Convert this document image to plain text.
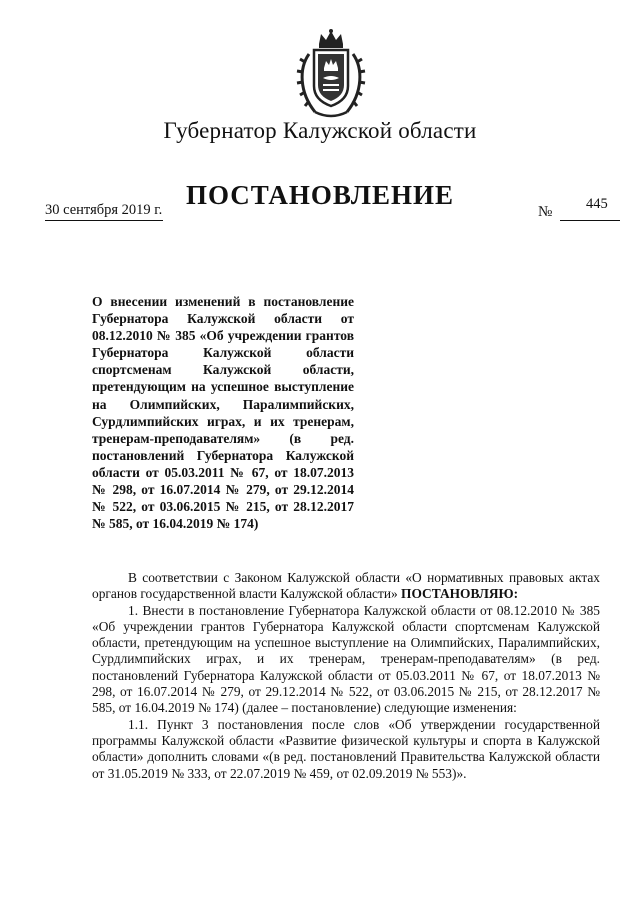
Губернатор Калужской области
ПОСТАНОВЛЕНИЕ
30 сентября 2019 г.	№ 445
О внесении изменений в постановление Губернатора Калужской области от 08.12.2010 № 385 «Об учреждении грантов Губернатора Калужской области спортсменам Калужской области, претендующим на успешное выступление на Олимпийских, Паралимпийских, Сурдлимпийских играх, и их тренерам, тренерам-преподавателям» (в ред. постановлений Губернатора Калужской области от 05.03.2011 № 67, от 18.07.2013 № 298, от 16.07.2014 № 279, от 29.12.2014 № 522, от 03.06.2015 № 215, от 28.12.2017 № 585, от 16.04.2019 № 174)

В соответствии с Законом Калужской области «О нормативных правовых актах органов государственной власти Калужской области» ПОСТАНОВЛЯЮ:

1. Внести в постановление Губернатора Калужской области от 08.12.2010 № 385 «Об учреждении грантов Губернатора Калужской области спортсменам Калужской области, претендующим на успешное выступление на Олимпийских, Паралимпийских, Сурдлимпийских играх, и их тренерам, тренерам-преподавателям» (в ред. постановлений Губернатора Калужской области от 05.03.2011 № 67, от 18.07.2013 № 298, от 16.07.2014 № 279, от 29.12.2014 № 522, от 03.06.2015 № 215, от 28.12.2017 № 585, от 16.04.2019 № 174) (далее – постановление) следующие изменения:

1.1. Пункт 3 постановления после слов «Об утверждении государственной программы Калужской области «Развитие физической культуры и спорта в Калужской области» дополнить словами «(в ред. постановлений Правительства Калужской области от 31.05.2019 № 333, от 22.07.2019 № 459, от 02.09.2019 № 553)».
